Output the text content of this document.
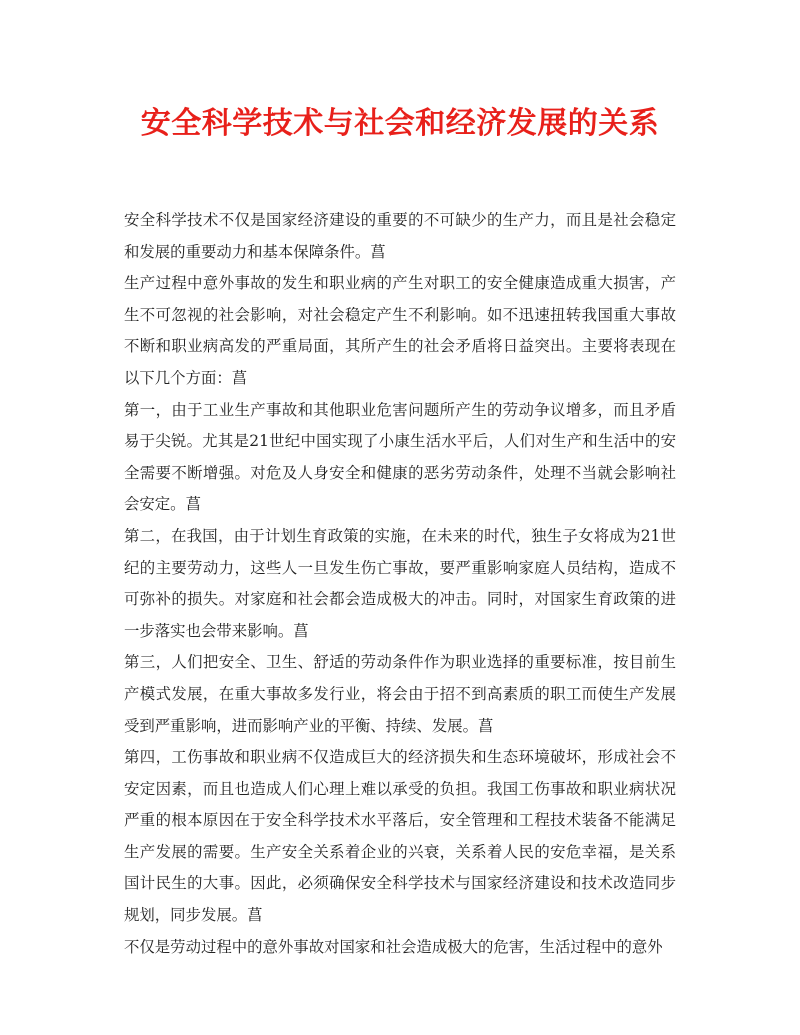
安全科学技术与社会和经济发展的关系

安全科学技术不仅是国家经济建设的重要的不可缺少的生产力，而且是社会稳定和发展的重要动力和基本保障条件。菖

生产过程中意外事故的发生和职业病的产生对职工的安全健康造成重大损害，产生不可忽视的社会影响，对社会稳定产生不利影响。如不迅速扭转我国重大事故不断和职业病高发的严重局面，其所产生的社会矛盾将日益突出。主要将表现在以下几个方面：菖

第一，由于工业生产事故和其他职业危害问题所产生的劳动争议增多，而且矛盾易于尖锐。尤其是21世纪中国实现了小康生活水平后，人们对生产和生活中的安全需要不断增强。对危及人身安全和健康的恶劣劳动条件，处理不当就会影响社会安定。菖

第二，在我国，由于计划生育政策的实施，在未来的时代，独生子女将成为21世纪的主要劳动力，这些人一旦发生伤亡事故，要严重影响家庭人员结构，造成不可弥补的损失。对家庭和社会都会造成极大的冲击。同时，对国家生育政策的进一步落实也会带来影响。菖

第三，人们把安全、卫生、舒适的劳动条件作为职业选择的重要标准，按目前生产模式发展，在重大事故多发行业，将会由于招不到高素质的职工而使生产发展受到严重影响，进而影响产业的平衡、持续、发展。菖

第四，工伤事故和职业病不仅造成巨大的经济损失和生态环境破坏，形成社会不安定因素，而且也造成人们心理上难以承受的负担。我国工伤事故和职业病状况严重的根本原因在于安全科学技术水平落后，安全管理和工程技术装备不能满足生产发展的需要。生产安全关系着企业的兴衰，关系着人民的安危幸福，是关系国计民生的大事。因此，必须确保安全科学技术与国家经济建设和技术改造同步规划，同步发展。菖

不仅是劳动过程中的意外事故对国家和社会造成极大的危害，生活过程中的意外
